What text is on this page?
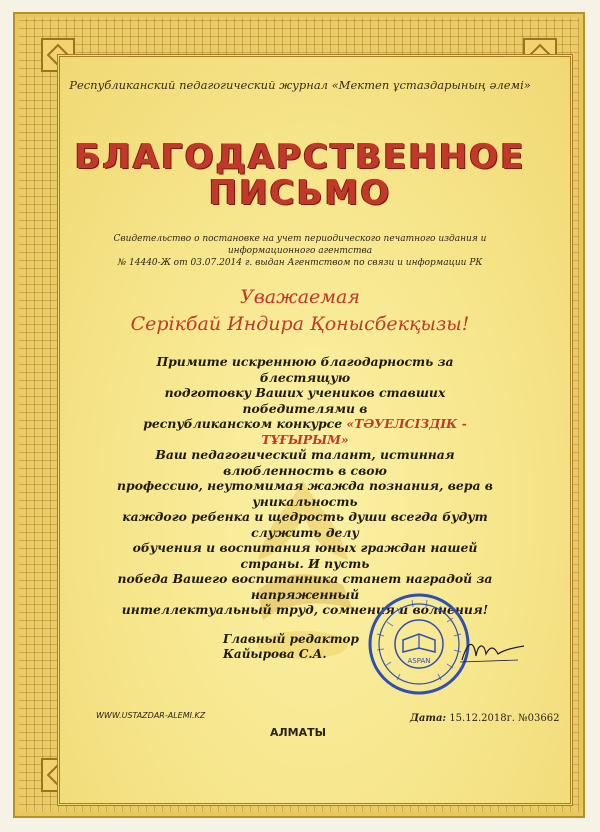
Республиканский педагогический журнал «Мектеп ұстаздарының әлемі»
БЛАГОДАРСТВЕННОЕ
ПИСЬМО
Свидетельство о постановке на учет периодического печатного издания и информационного агентства
№ 14440-Ж от 03.07.2014 г. выдан Агентством по связи и информации РК
Уважаемая
Серікбай Индира Қонысбекқызы!
Примите искреннюю благодарность за блестящую
подготовку Ваших учеников ставших победителями в
республиканском конкурсе «ТӘУЕЛСІЗДІК - ТҰҒЫРЫМ»
Ваш педагогический талант, истинная влюбленность в свою
профессию, неутомимая жажда познания, вера в уникальность
каждого ребенка и щедрость души всегда будут служить делу
обучения и воспитания юных граждан нашей страны. И пусть
победа Вашего воспитанника станет наградой за напряженный
интеллектуальный труд, сомнения и волнения!
Главный редактор
Кайырова С.А.	ASPAN
WWW.USTAZDAR-ALEMI.KZ
АЛМАТЫ
Дата: 15.12.2018г. №03662
